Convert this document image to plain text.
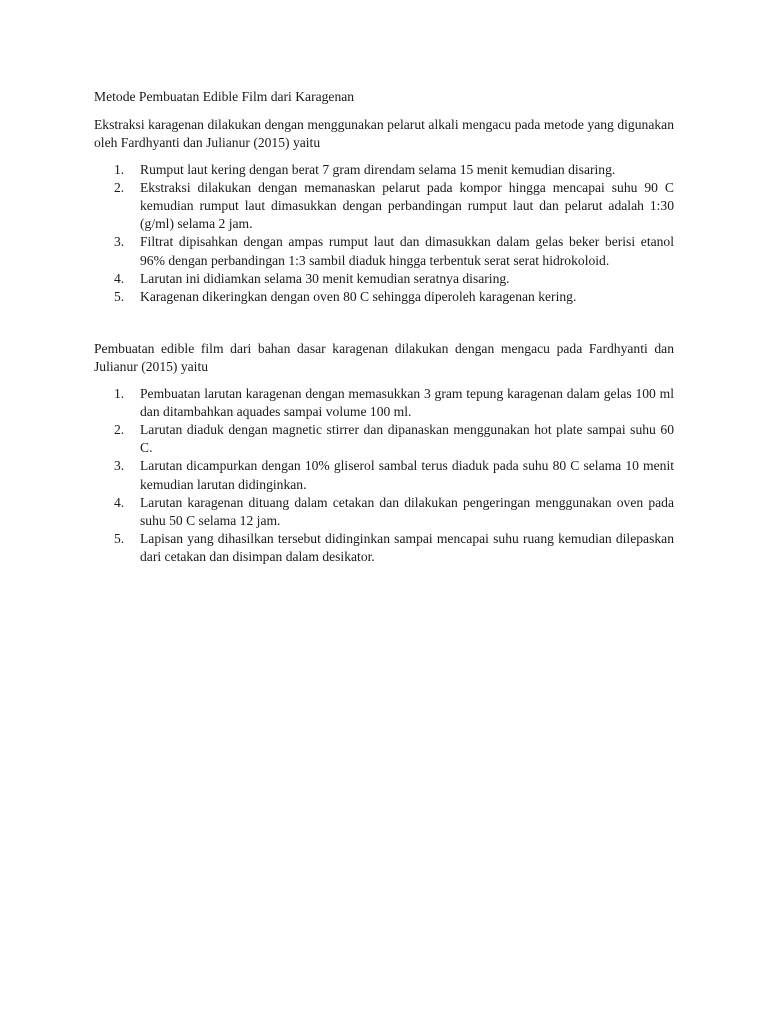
Metode Pembuatan Edible Film dari Karagenan

Ekstraksi karagenan dilakukan dengan menggunakan pelarut alkali mengacu pada metode yang digunakan oleh Fardhyanti dan Julianur (2015) yaitu

1. Rumput laut kering dengan berat 7 gram direndam selama 15 menit kemudian disaring.
2. Ekstraksi dilakukan dengan memanaskan pelarut pada kompor hingga mencapai suhu 90 C kemudian rumput laut dimasukkan dengan perbandingan rumput laut dan pelarut adalah 1:30 (g/ml) selama 2 jam.
3. Filtrat dipisahkan dengan ampas rumput laut dan dimasukkan dalam gelas beker berisi etanol 96% dengan perbandingan 1:3 sambil diaduk hingga terbentuk serat serat hidrokoloid.
4. Larutan ini didiamkan selama 30 menit kemudian seratnya disaring.
5. Karagenan dikeringkan dengan oven 80 C sehingga diperoleh karagenan kering.

Pembuatan edible film dari bahan dasar karagenan dilakukan dengan mengacu pada Fardhyanti dan Julianur (2015) yaitu

1. Pembuatan larutan karagenan dengan memasukkan 3 gram tepung karagenan dalam gelas 100 ml dan ditambahkan aquades sampai volume 100 ml.
2. Larutan diaduk dengan magnetic stirrer dan dipanaskan menggunakan hot plate sampai suhu 60 C.
3. Larutan dicampurkan dengan 10% gliserol sambal terus diaduk pada suhu 80 C selama 10 menit kemudian larutan didinginkan.
4. Larutan karagenan dituang dalam cetakan dan dilakukan pengeringan menggunakan oven pada suhu 50 C selama 12 jam.
5. Lapisan yang dihasilkan tersebut didinginkan sampai mencapai suhu ruang kemudian dilepaskan dari cetakan dan disimpan dalam desikator.
